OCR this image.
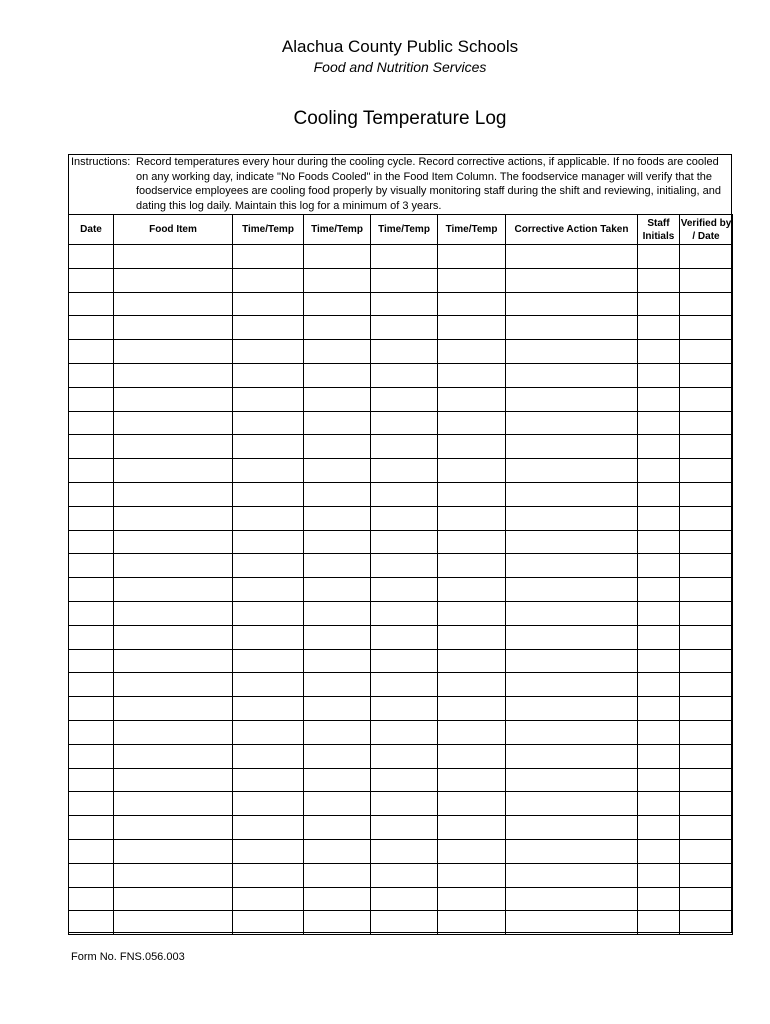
Alachua County Public Schools
Food and Nutrition Services
Cooling Temperature Log
Instructions: Record temperatures every hour during the cooling cycle. Record corrective actions, if applicable. If no foods are cooled on any working day, indicate "No Foods Cooled" in the Food Item Column. The foodservice manager will verify that the foodservice employees are cooling food properly by visually monitoring staff during the shift and reviewing, initialing, and dating this log daily. Maintain this log for a minimum of 3 years.
Date	Food Item	Time/Temp	Time/Temp	Time/Temp	Time/Temp	Corrective Action Taken	Staff Initials	Verified by / Date

Form No. FNS.056.003
